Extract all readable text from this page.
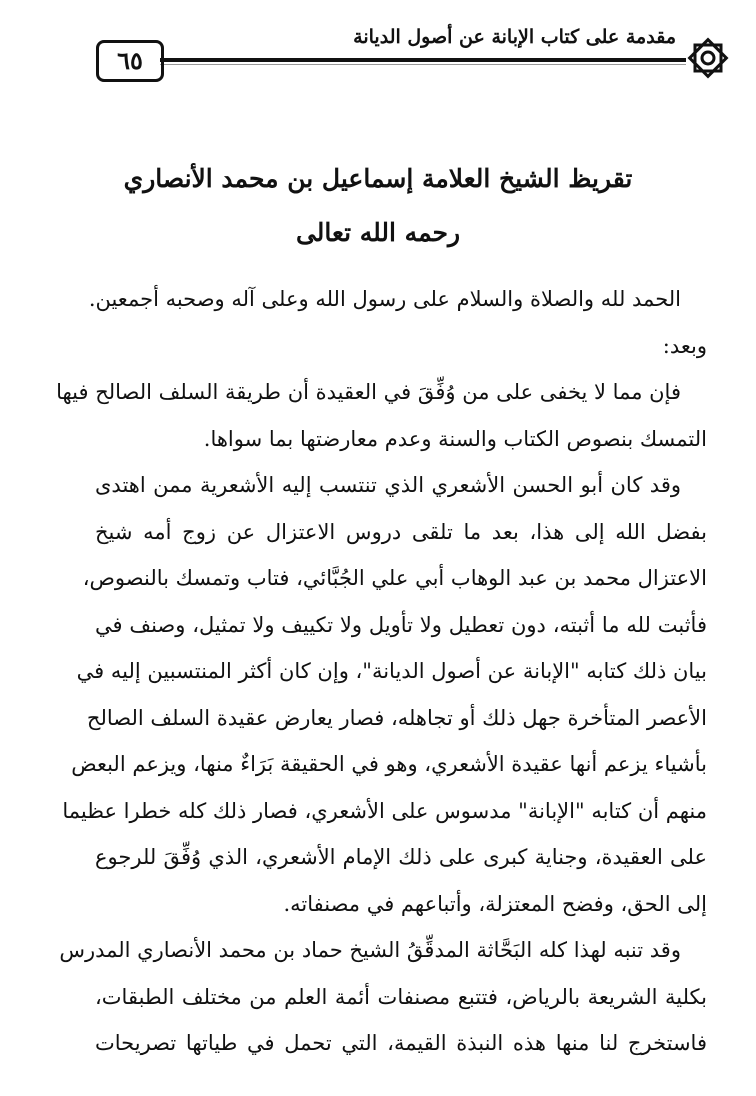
مقدمة على كتاب الإبانة عن أصول الديانة
٦٥
تقريظ الشيخ العلامة إسماعيل بن محمد الأنصاري
رحمه الله تعالى
الحمد لله والصلاة والسلام على رسول الله وعلى آله وصحبه أجمعين.
وبعد:
فإن مما لا يخفى على من وُفِّقَ في العقيدة أن طريقة السلف الصالح فيها
التمسك بنصوص الكتاب والسنة وعدم معارضتها بما سواها.
وقد كان أبو الحسن الأشعري الذي تنتسب إليه الأشعرية ممن اهتدى
بفضل الله إلى هذا، بعد ما تلقى دروس الاعتزال عن زوج أمه شيخ
الاعتزال محمد بن عبد الوهاب أبي علي الجُبَّائي، فتاب وتمسك بالنصوص،
فأثبت لله ما أثبته، دون تعطيل ولا تأويل ولا تكييف ولا تمثيل، وصنف في
بيان ذلك كتابه "الإبانة عن أصول الديانة"، وإن كان أكثر المنتسبين إليه في
الأعصر المتأخرة جهل ذلك أو تجاهله، فصار يعارض عقيدة السلف الصالح
بأشياء يزعم أنها عقيدة الأشعري، وهو في الحقيقة بَرَاءٌ منها، ويزعم البعض
منهم أن كتابه "الإبانة" مدسوس على الأشعري، فصار ذلك كله خطرا عظيما
على العقيدة، وجناية كبرى على ذلك الإمام الأشعري، الذي وُفِّقَ للرجوع
إلى الحق، وفضح المعتزلة، وأتباعهم في مصنفاته.
وقد تنبه لهذا كله البَحَّاثة المدقِّقُ الشيخ حماد بن محمد الأنصاري المدرس
بكلية الشريعة بالرياض، فتتبع مصنفات أئمة العلم من مختلف الطبقات،
فاستخرج لنا منها هذه النبذة القيمة، التي تحمل في طياتها تصريحات
